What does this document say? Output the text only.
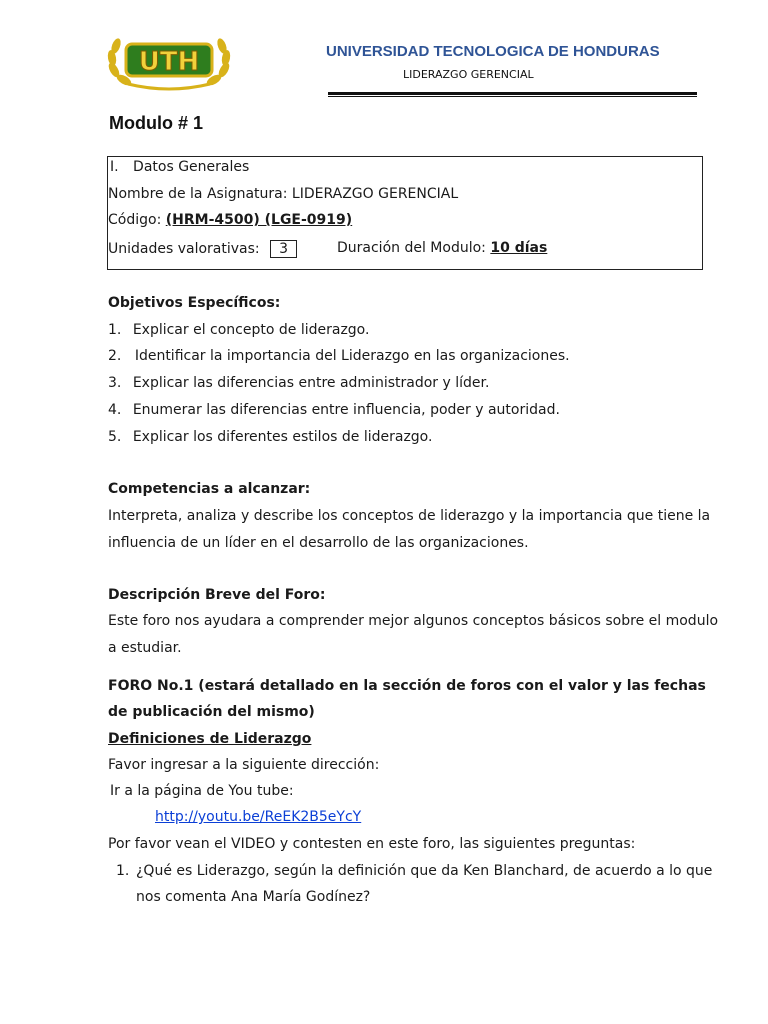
UTH	UNIVERSIDAD TECNOLOGICA DE HONDURAS
LIDERAZGO GERENCIAL
Modulo # 1
I. Datos Generales
Nombre de la Asignatura: LIDERAZGO GERENCIAL
Código: (HRM-4500) (LGE-0919)
Unidades valorativas: 3	Duración del Modulo: 10 días
Objetivos Específicos:
1. Explicar el concepto de liderazgo.
2. Identificar la importancia del Liderazgo en las organizaciones.
3. Explicar las diferencias entre administrador y líder.
4. Enumerar las diferencias entre influencia, poder y autoridad.
5. Explicar los diferentes estilos de liderazgo.
Competencias a alcanzar:
Interpreta, analiza y describe los conceptos de liderazgo y la importancia que tiene la
influencia de un líder en el desarrollo de las organizaciones.
Descripción Breve del Foro:
Este foro nos ayudara a comprender mejor algunos conceptos básicos sobre el modulo
a estudiar.
FORO No.1 (estará detallado en la sección de foros con el valor y las fechas
de publicación del mismo)
Definiciones de Liderazgo
Favor ingresar a la siguiente dirección:
Ir a la página de You tube:
http://youtu.be/ReEK2B5eYcY
Por favor vean el VIDEO y contesten en este foro, las siguientes preguntas:
1. ¿Qué es Liderazgo, según la definición que da Ken Blanchard, de acuerdo a lo que
nos comenta Ana María Godínez?
